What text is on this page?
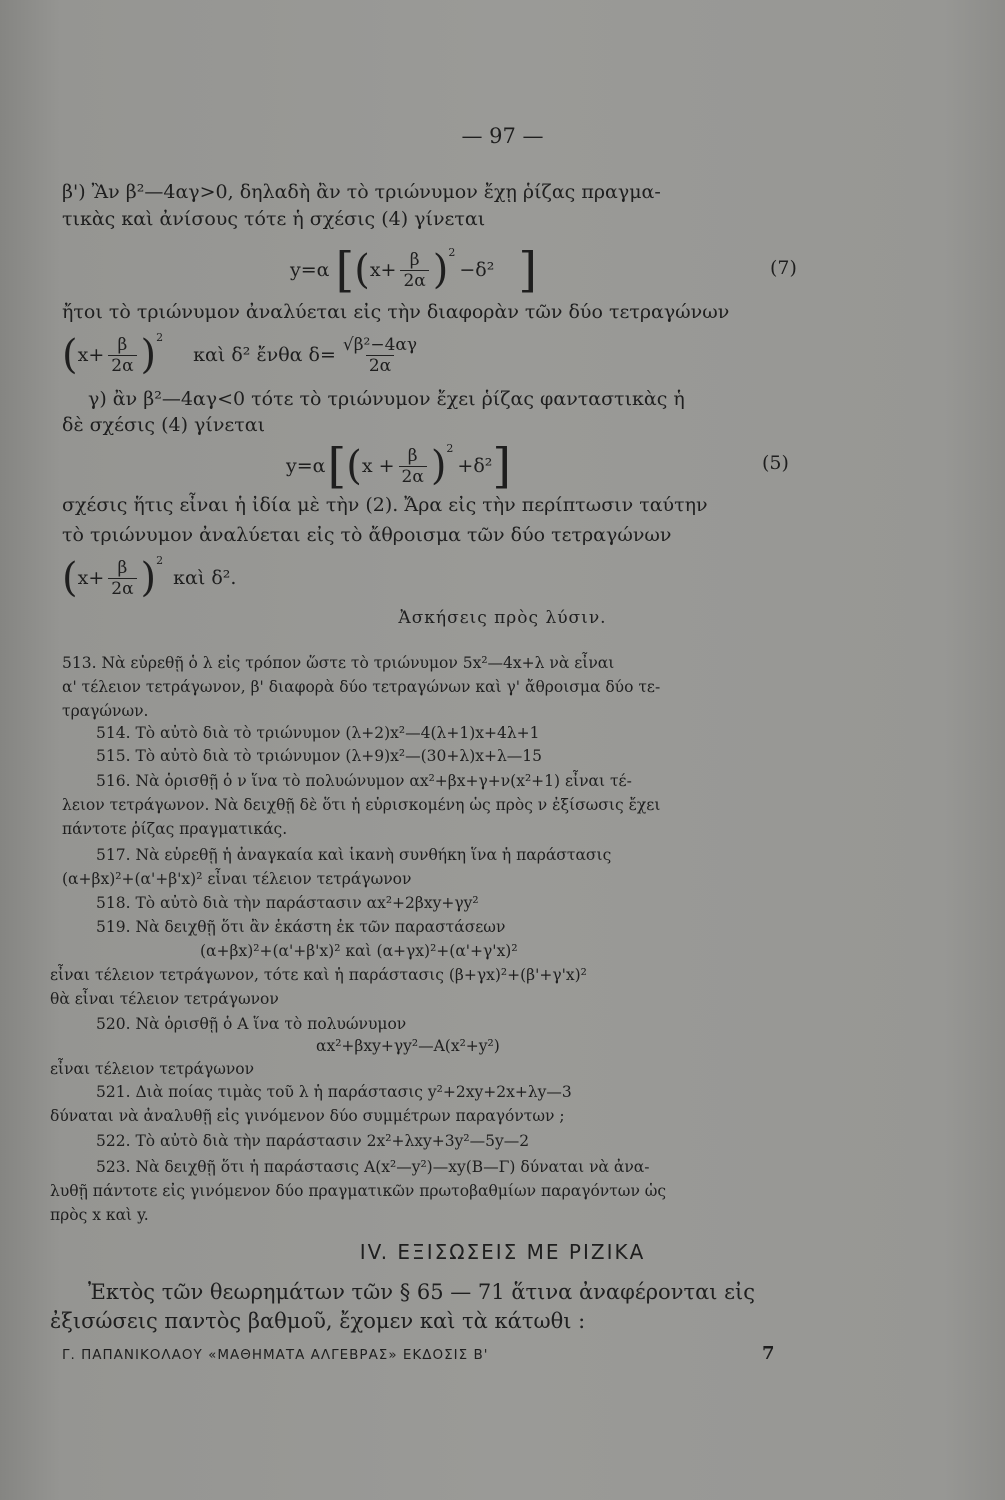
— 97 —
β') Ἂν β²—4αγ>0, δηλαδὴ ἂν τὸ τριώνυμον ἔχῃ ῥίζας πραγμα-
τικὰς καὶ ἀνίσους τότε ἡ σχέσις (4) γίνεται
y=α [ ( $x+ \frac{\beta}{2\alpha} )^2$
−δ² ]	(7)
ἤτοι τὸ τριώνυμον ἀναλύεται εἰς τὴν διαφορὰν τῶν δύο τετραγώνων
( $x+ \frac{\beta}{2\alpha} )^2$
καὶ δ² ἔνθα $\delta= \frac{\text{√β²−4αγ}}{2\alpha}$
γ) ἂν β²—4αγ<0 τότε τὸ τριώνυμον ἔχει ῥίζας φανταστικὰς ἡ
δὲ σχέσις (4) γίνεται
y=α [ ( $x + \frac{\beta}{2\alpha} )^2$
+δ² ]	(5)
σχέσις ἥτις εἶναι ἡ ἰδία μὲ τὴν (2). Ἄρα εἰς τὴν περίπτωσιν ταύτην
τὸ τριώνυμον ἀναλύεται εἰς τὸ ἄθροισμα τῶν δύο τετραγώνων
( $x+ \frac{\beta}{2\alpha} )^2$
καὶ δ².
Ἀσκήσεις πρὸς λύσιν.
513. Νὰ εὑρεθῇ ὁ λ εἰς τρόπον ὥστε τὸ τριώνυμον 5x²—4x+λ νὰ εἶναι
α' τέλειον τετράγωνον, β' διαφορὰ δύο τετραγώνων καὶ γ' ἄθροισμα δύο τε-
τραγώνων.
514. Τὸ αὐτὸ διὰ τὸ τριώνυμον (λ+2)x²—4(λ+1)x+4λ+1
515. Τὸ αὐτὸ διὰ τὸ τριώνυμον (λ+9)x²—(30+λ)x+λ—15
516. Νὰ ὁρισθῇ ὁ ν ἵνα τὸ πολυώνυμον αx²+βx+γ+ν(x²+1) εἶναι τέ-
λειον τετράγωνον. Νὰ δειχθῇ δὲ ὅτι ἡ εὑρισκομένη ὡς πρὸς ν ἐξίσωσις ἔχει
πάντοτε ῥίζας πραγματικάς.
517. Νὰ εὑρεθῇ ἡ ἀναγκαία καὶ ἱκανὴ συνθήκη ἵνα ἡ παράστασις
(α+βx)²+(α'+β'x)² εἶναι τέλειον τετράγωνον
518. Τὸ αὐτὸ διὰ τὴν παράστασιν αx²+2βxy+γy²
519. Νὰ δειχθῇ ὅτι ἂν ἑκάστη ἐκ τῶν παραστάσεων
(α+βx)²+(α'+β'x)² καὶ (α+γx)²+(α'+γ'x)²
εἶναι τέλειον τετράγωνον, τότε καὶ ἡ παράστασις (β+γx)²+(β'+γ'x)²
θὰ εἶναι τέλειον τετράγωνον
520. Νὰ ὁρισθῇ ὁ Α ἵνα τὸ πολυώνυμον
αx²+βxy+γy²—Α(x²+y²)
εἶναι τέλειον τετράγωνον
521. Διὰ ποίας τιμὰς τοῦ λ ἡ παράστασις y²+2xy+2x+λy—3
δύναται νὰ ἀναλυθῇ εἰς γινόμενον δύο συμμέτρων παραγόντων ;
522. Τὸ αὐτὸ διὰ τὴν παράστασιν 2x²+λxy+3y²—5y—2
523. Νὰ δειχθῇ ὅτι ἡ παράστασις Α(x²—y²)—xy(Β—Γ) δύναται νὰ ἀνα-
λυθῇ πάντοτε εἰς γινόμενον δύο πραγματικῶν πρωτοβαθμίων παραγόντων ὡς
πρὸς x καὶ y.
IV. ΕΞΙΣΩΣΕΙΣ ΜΕ ΡΙΖΙΚΑ
Ἐκτὸς τῶν θεωρημάτων τῶν § 65 — 71 ἅτινα ἀναφέρονται εἰς
ἐξισώσεις παντὸς βαθμοῦ, ἔχομεν καὶ τὰ κάτωθι :
Γ. ΠΑΠΑΝΙΚΟΛΑΟΥ «ΜΑΘΗΜΑΤΑ ΑΛΓΕΒΡΑΣ» ΕΚΔΟΣΙΣ Β'	7
